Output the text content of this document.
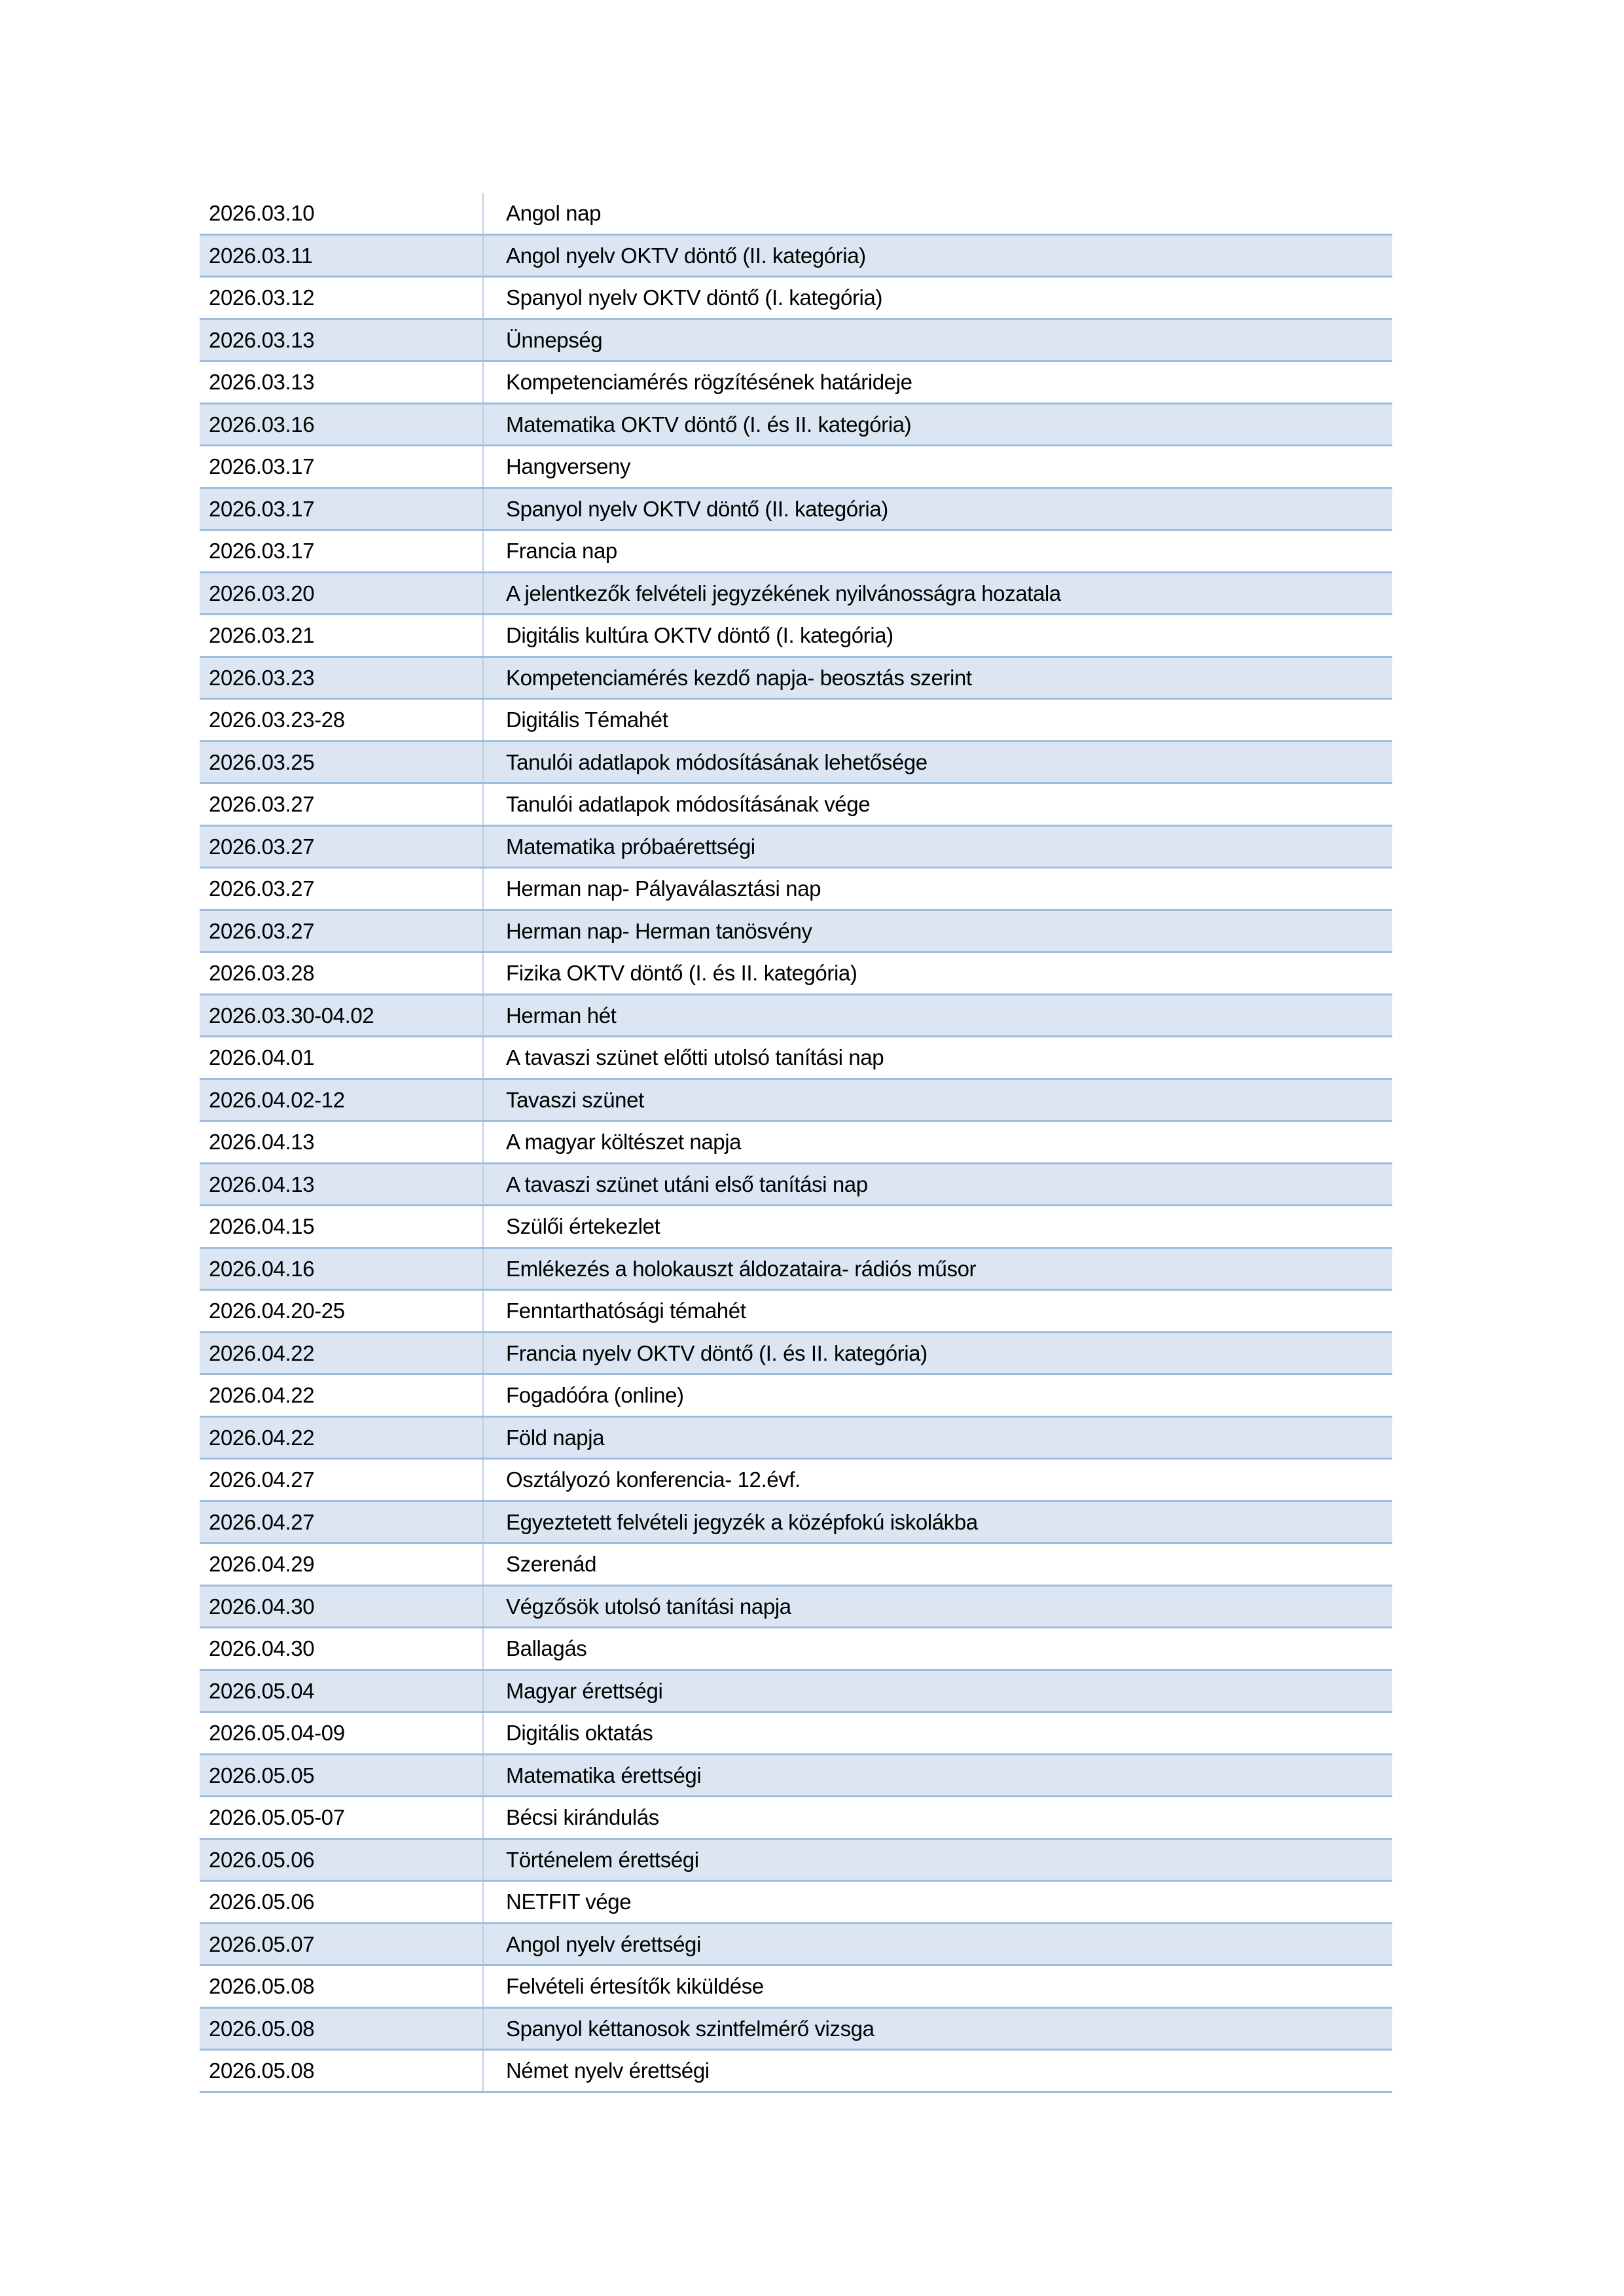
2026.03.10	Angol nap
2026.03.11	Angol nyelv OKTV döntő (II. kategória)
2026.03.12	Spanyol nyelv OKTV döntő (I. kategória)
2026.03.13	Ünnepség
2026.03.13	Kompetenciamérés rögzítésének határideje
2026.03.16	Matematika OKTV döntő (I. és II. kategória)
2026.03.17	Hangverseny
2026.03.17	Spanyol nyelv OKTV döntő (II. kategória)
2026.03.17	Francia nap
2026.03.20	A jelentkezők felvételi jegyzékének nyilvánosságra hozatala
2026.03.21	Digitális kultúra OKTV döntő (I. kategória)
2026.03.23	Kompetenciamérés kezdő napja- beosztás szerint
2026.03.23-28	Digitális Témahét
2026.03.25	Tanulói adatlapok módosításának lehetősége
2026.03.27	Tanulói adatlapok módosításának vége
2026.03.27	Matematika próbaérettségi
2026.03.27	Herman nap- Pályaválasztási nap
2026.03.27	Herman nap- Herman tanösvény
2026.03.28	Fizika OKTV döntő (I. és II. kategória)
2026.03.30-04.02	Herman hét
2026.04.01	A tavaszi szünet előtti utolsó tanítási nap
2026.04.02-12	Tavaszi szünet
2026.04.13	A magyar költészet napja
2026.04.13	A tavaszi szünet utáni első tanítási nap
2026.04.15	Szülői értekezlet
2026.04.16	Emlékezés a holokauszt áldozataira- rádiós műsor
2026.04.20-25	Fenntarthatósági témahét
2026.04.22	Francia nyelv OKTV döntő (I. és II. kategória)
2026.04.22	Fogadóóra (online)
2026.04.22	Föld napja
2026.04.27	Osztályozó konferencia- 12.évf.
2026.04.27	Egyeztetett felvételi jegyzék a középfokú iskolákba
2026.04.29	Szerenád
2026.04.30	Végzősök utolsó tanítási napja
2026.04.30	Ballagás
2026.05.04	Magyar érettségi
2026.05.04-09	Digitális oktatás
2026.05.05	Matematika érettségi
2026.05.05-07	Bécsi kirándulás
2026.05.06	Történelem érettségi
2026.05.06	NETFIT vége
2026.05.07	Angol nyelv érettségi
2026.05.08	Felvételi értesítők kiküldése
2026.05.08	Spanyol kéttanosok szintfelmérő vizsga
2026.05.08	Német nyelv érettségi
